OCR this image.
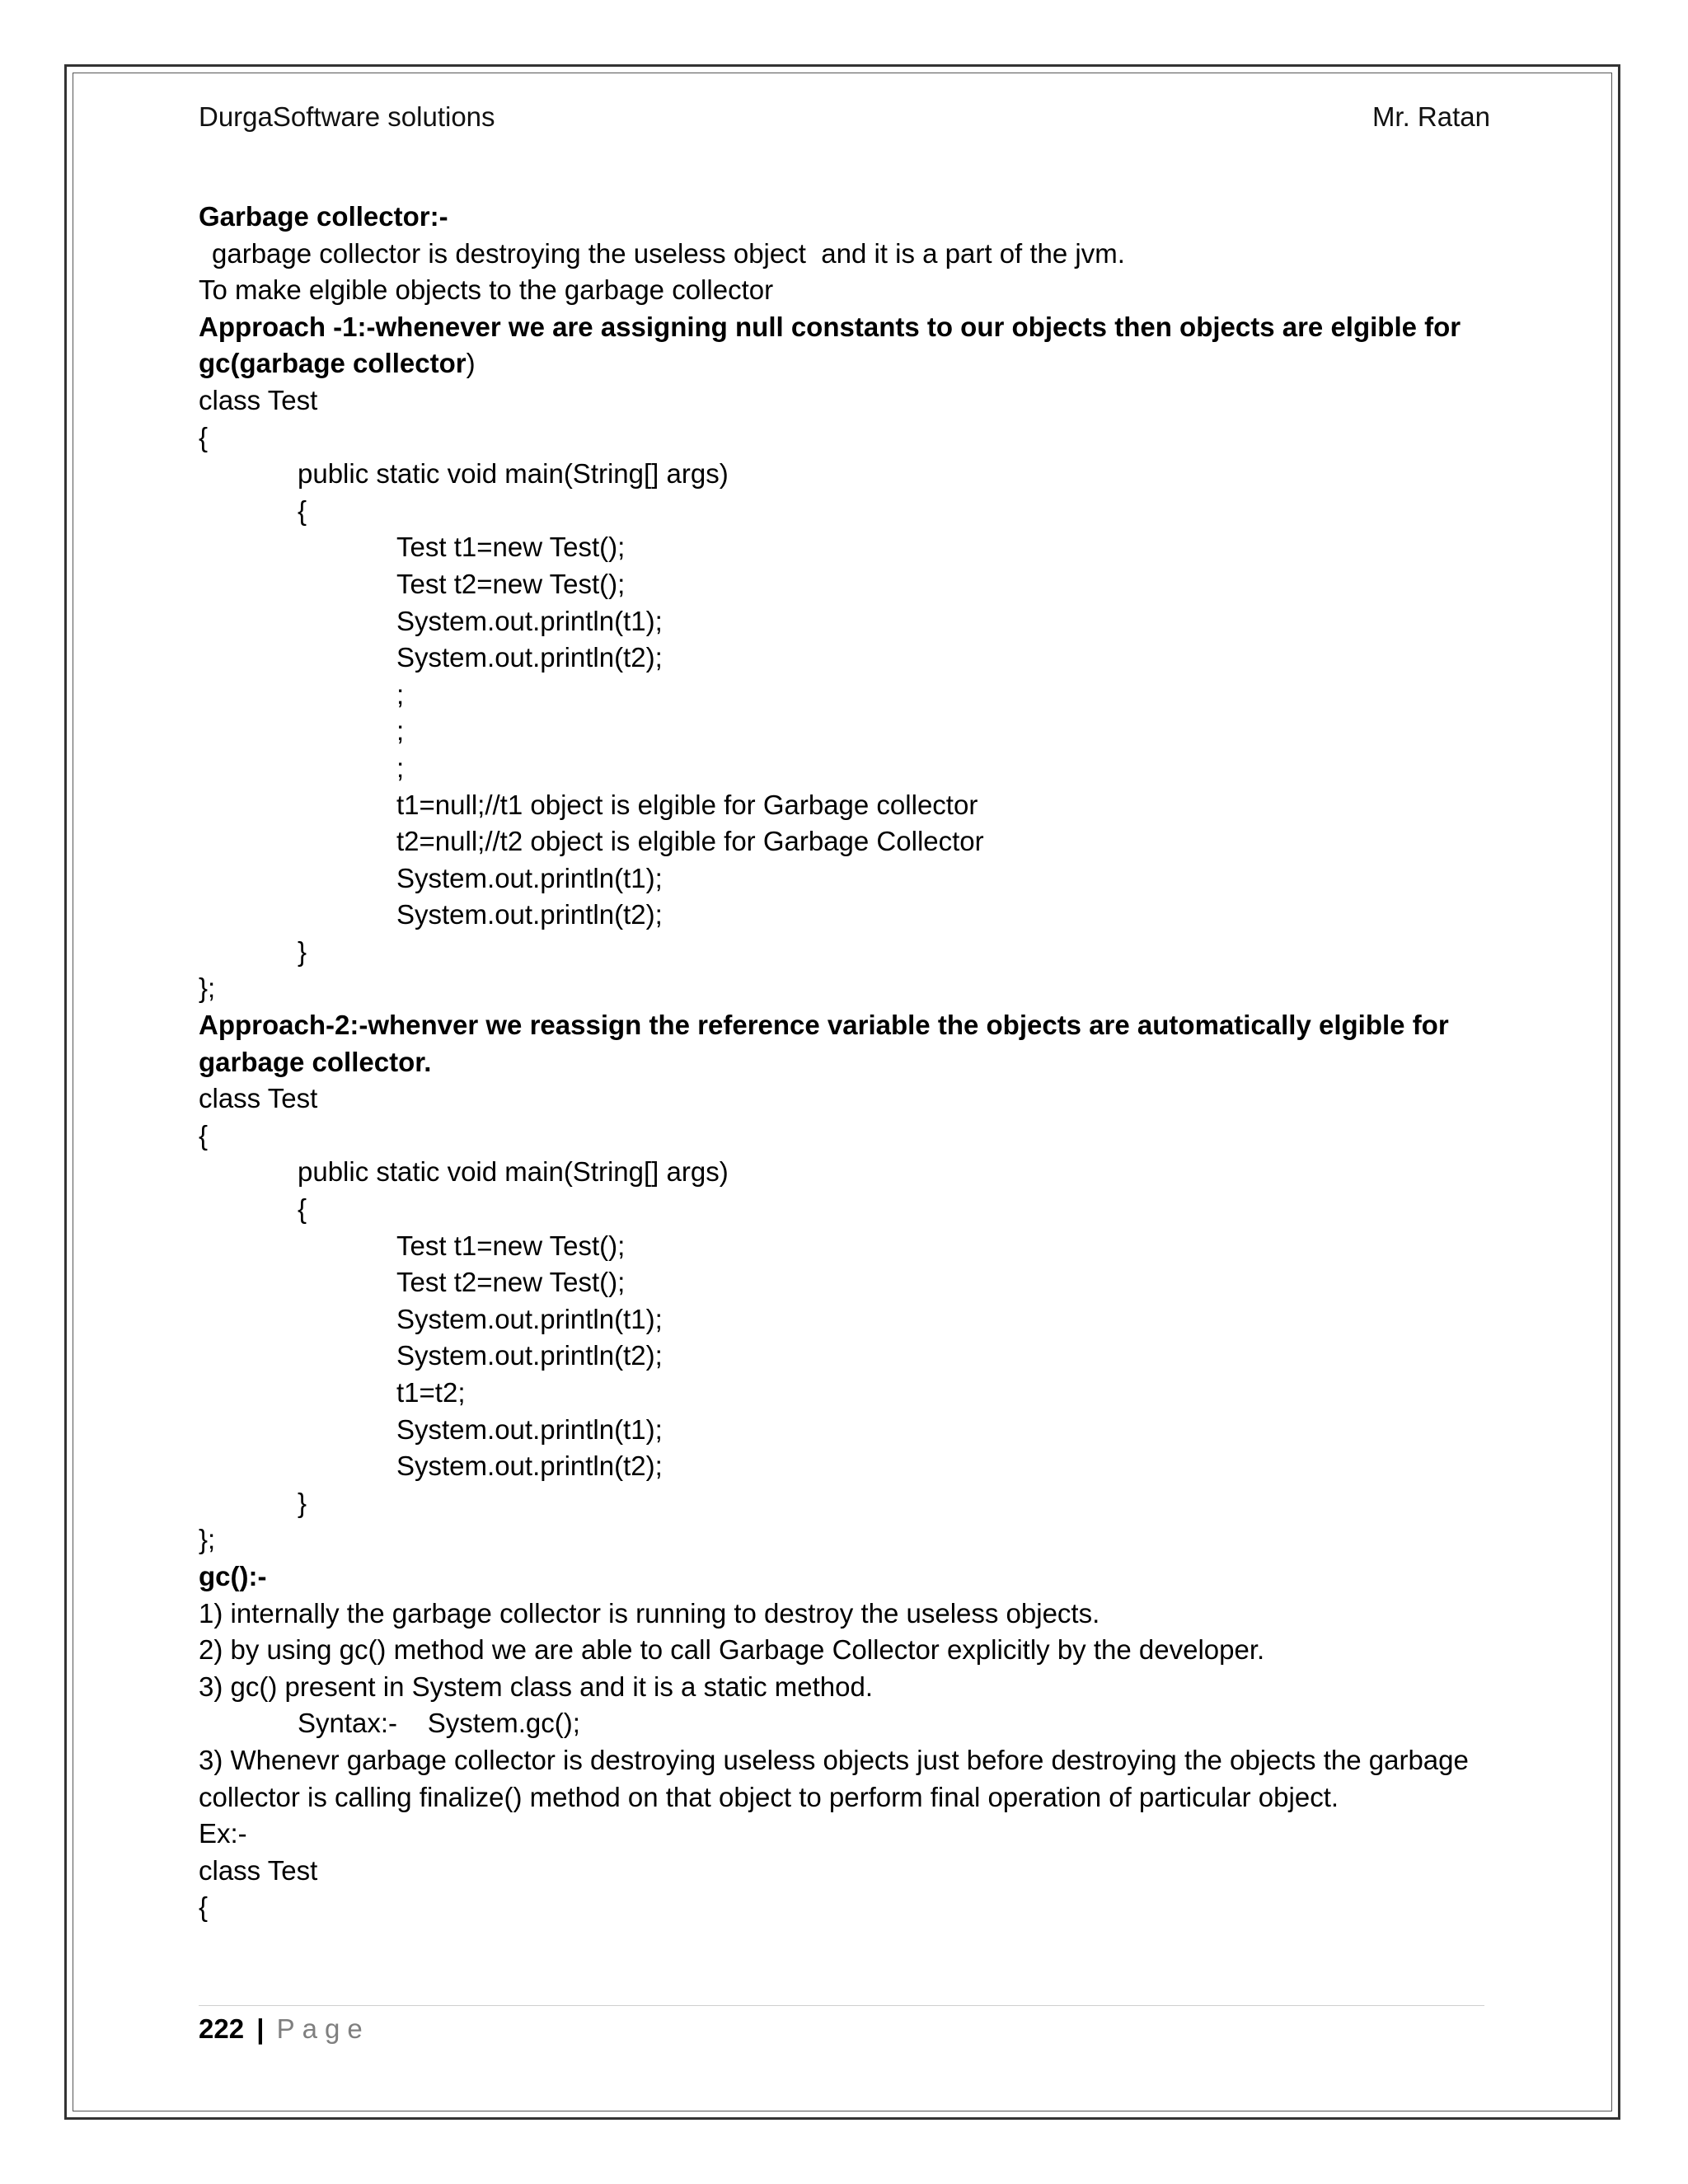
DurgaSoftware solutions	Mr. Ratan
Garbage collector:-
garbage collector is destroying the useless object  and it is a part of the jvm.
To make elgible objects to the garbage collector
Approach -1:-whenever we are assigning null constants to our objects then objects are elgible for gc(garbage collector)
class Test
{
public static void main(String[] args)
{
Test t1=new Test();
Test t2=new Test();
System.out.println(t1);
System.out.println(t2);
;
;
;
t1=null;//t1 object is elgible for Garbage collector
t2=null;//t2 object is elgible for Garbage Collector
System.out.println(t1);
System.out.println(t2);
}
};
Approach-2:-whenver we reassign the reference variable the objects are automatically elgible for garbage collector.
class Test
{
public static void main(String[] args)
{
Test t1=new Test();
Test t2=new Test();
System.out.println(t1);
System.out.println(t2);
t1=t2;
System.out.println(t1);
System.out.println(t2);
}
};
gc():-
1) internally the garbage collector is running to destroy the useless objects.
2) by using gc() method we are able to call Garbage Collector explicitly by the developer.
3) gc() present in System class and it is a static method.
Syntax:-    System.gc();
3) Whenevr garbage collector is destroying useless objects just before destroying the objects the garbage collector is calling finalize() method on that object to perform final operation of particular object.
Ex:-
class Test
{
222 | Page
